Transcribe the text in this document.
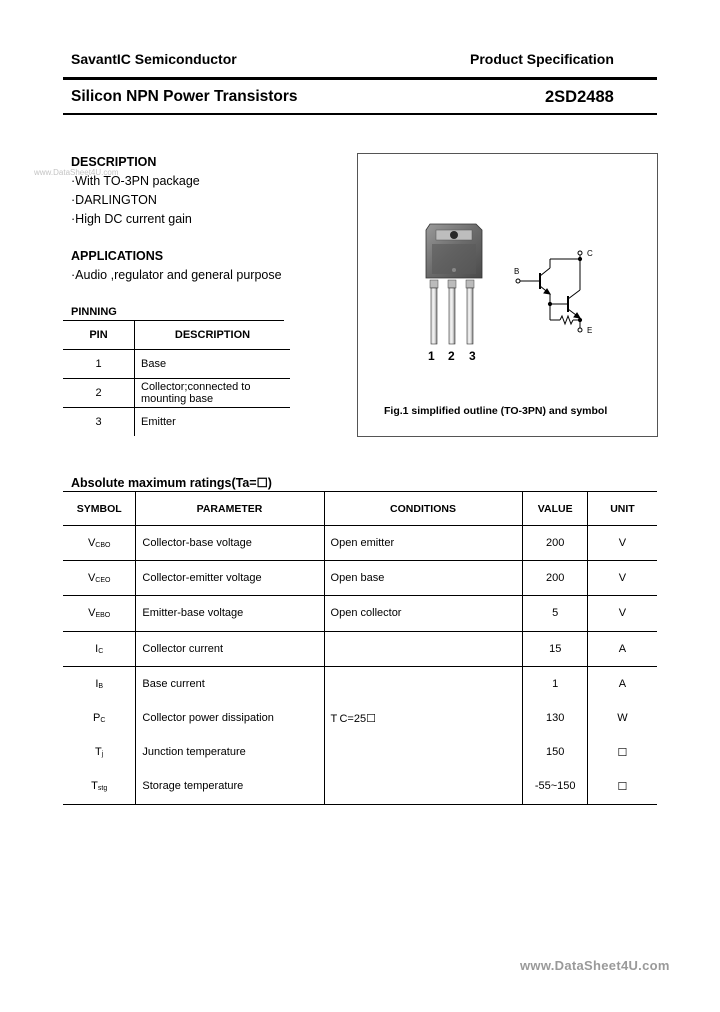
SavantIC Semiconductor	Product Specification
Silicon NPN Power Transistors	2SD2488
www.DataSheet4U.com
DESCRIPTION
·With TO-3PN package
·DARLINGTON
·High DC current gain
APPLICATIONS
·Audio ,regulator and general purpose
PINNING
PIN	DESCRIPTION
1	Base
2	Collector;connected to mounting base
3	Emitter
B
C
E
1 2 3
Fig.1 simplified outline (TO-3PN) and symbol
Absolute maximum ratings(Ta=☐)
SYMBOL	PARAMETER	CONDITIONS	VALUE	UNIT
$V_{CBO}$	Collector-base voltage	Open emitter	200	V
$V_{CEO}$	Collector-emitter voltage	Open base	200	V
$V_{EBO}$	Emitter-base voltage	Open collector	5	V
$I_C$	Collector current		15	A
$I_B$	Base current		1	A
$P_C$	Collector power dissipation	T C=25☐	130	W
$T_j$	Junction temperature		150	☐
$T_{stg}$	Storage temperature		-55~150	☐
www.DataSheet4U.com
